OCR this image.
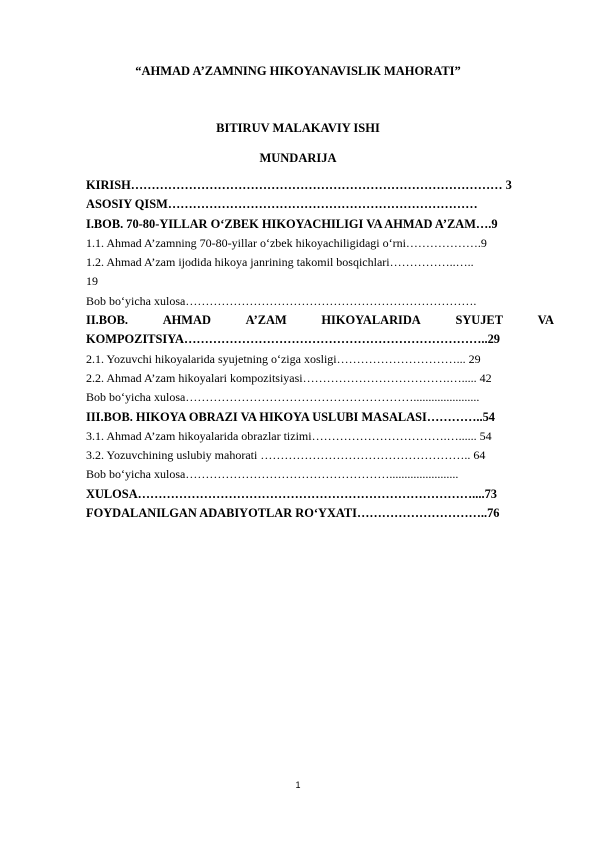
“AHMAD A’ZAMNING HIKOYANAVISLIK MAHORATI”
BITIRUV MALAKAVIY ISHI
MUNDARIJA
KIRISH……………………………………………………………………………… 3
ASOSIY QISM…………………………………………………………………
I.BOB. 70-80-YILLAR O‘ZBEK HIKOYACHILIGI VA AHMAD A’ZAM….9
1.1. Ahmad A’zamning 70-80-yillar o‘zbek hikoyachiligidagi o‘rni……………….9
1.2. Ahmad A’zam ijodida hikoya janrining takomil bosqichlari……………..…..
19
Bob bo‘yicha xulosa……………………………………………………………….
II.BOB.	AHMAD	A’ZAM	HIKOYALARIDA	SYUJET	VA
KOMPOZITSIYA………………………………………………………………..29
2.1. Yozuvchi hikoyalarida syujetning o‘ziga xosligi…………………………... 29
2.2. Ahmad A’zam hikoyalari kompozitsiyasi……………………………….…..... 42
Bob bo‘yicha xulosa…………………………………………………......................
III.BOB. HIKOYA OBRAZI VA HIKOYA USLUBI MASALASI…………..54
3.1. Ahmad A’zam hikoyalarida obrazlar tizimi…………………………….…...... 54
3.2. Yozuvchining uslubiy mahorati …………………………………………….. 64
Bob bo‘yicha xulosa…………………………………………….......................
XULOSA………………………………………………………………………....73
FOYDALANILGAN ADABIYOTLAR RO‘YXATI…………………………..76
1
